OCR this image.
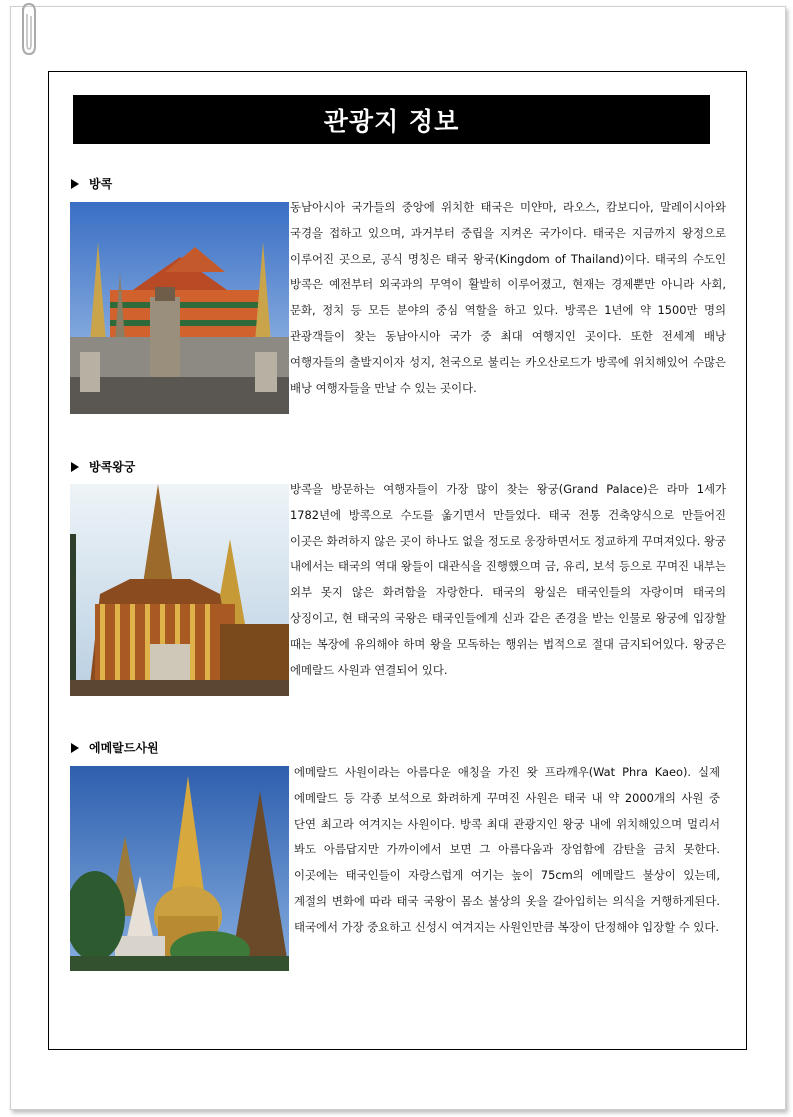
관광지 정보
방콕
동남아시아 국가들의 중앙에 위치한 태국은 미얀마, 라오스, 캄보디아, 말레이시아와 국경을 접하고 있으며, 과거부터 중립을 지켜온 국가이다. 태국은 지금까지 왕정으로 이루어진 곳으로, 공식 명칭은 태국 왕국(Kingdom of Thailand)이다. 태국의 수도인 방콕은 예전부터 외국과의 무역이 활발히 이루어졌고, 현재는 경제뿐만 아니라 사회, 문화, 정치 등 모든 분야의 중심 역할을 하고 있다. 방콕은 1년에 약 1500만 명의 관광객들이 찾는 동남아시아 국가 중 최대 여행지인 곳이다. 또한 전세계 배낭 여행자들의 출발지이자 성지, 천국으로 불리는 카오산로드가 방콕에 위치해있어 수많은 배낭 여행자들을 만날 수 있는 곳이다.
방콕왕궁
방콕을 방문하는 여행자들이 가장 많이 찾는 왕궁(Grand Palace)은 라마 1세가 1782년에 방콕으로 수도를 옮기면서 만들었다. 태국 전통 건축양식으로 만들어진 이곳은 화려하지 않은 곳이 하나도 없을 정도로 웅장하면서도 정교하게 꾸며져있다. 왕궁 내에서는 태국의 역대 왕들이 대관식을 진행했으며 금, 유리, 보석 등으로 꾸며진 내부는 외부 못지 않은 화려함을 자랑한다. 태국의 왕실은 태국인들의 자랑이며 태국의 상징이고, 현 태국의 국왕은 태국인들에게 신과 같은 존경을 받는 인물로 왕궁에 입장할 때는 복장에 유의해야 하며 왕을 모독하는 행위는 법적으로 절대 금지되어있다. 왕궁은 에메랄드 사원과 연결되어 있다.
에메랄드사원
에메랄드 사원이라는 아름다운 애칭을 가진 왓 프라깨우(Wat Phra Kaeo). 실제 에메랄드 등 각종 보석으로 화려하게 꾸며진 사원은 태국 내 약 2000개의 사원 중 단연 최고라 여겨지는 사원이다. 방콕 최대 관광지인 왕궁 내에 위치해있으며 멀리서 봐도 아름답지만 가까이에서 보면 그 아름다움과 장엄함에 감탄을 금치 못한다. 이곳에는 태국인들이 자랑스럽게 여기는 높이 75cm의 에메랄드 불상이 있는데, 계절의 변화에 따라 태국 국왕이 몸소 불상의 옷을 갈아입히는 의식을 거행하게된다. 태국에서 가장 중요하고 신성시 여겨지는 사원인만큼 복장이 단정해야 입장할 수 있다.
